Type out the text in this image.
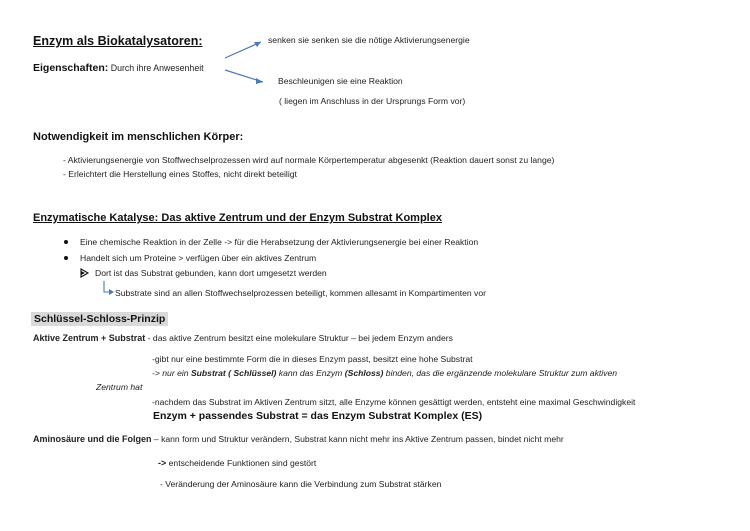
Enzym als Biokatalysatoren:
Eigenschaften: Durch ihre Anwesenheit
senken sie senken sie die nötige Aktivierungsenergie
Beschleunigen sie eine Reaktion
( liegen im Anschluss in der Ursprungs Form vor)
Notwendigkeit im menschlichen Körper:
- Aktivierungsenergie von Stoffwechselprozessen wird auf normale Körpertemperatur abgesenkt (Reaktion dauert sonst zu lange)
- Erleichtert die Herstellung eines Stoffes, nicht direkt beteiligt
Enzymatische Katalyse: Das aktive Zentrum und der Enzym Substrat Komplex
Eine chemische Reaktion in der Zelle -> für die Herabsetzung der Aktivierungsenergie bei einer Reaktion
Handelt sich um Proteine > verfügen über ein aktives Zentrum
Dort ist das Substrat gebunden, kann dort umgesetzt werden
Substrate sind an allen Stoffwechselprozessen beteiligt, kommen allesamt in Kompartimenten vor
Schlüssel-Schloss-Prinzip
Aktive Zentrum + Substrat - das aktive Zentrum besitzt eine molekulare Struktur – bei jedem Enzym anders
-gibt nur eine bestimmte Form die in dieses Enzym passt, besitzt eine hohe Substrat
-> nur ein Substrat ( Schlüssel) kann das Enzym (Schloss) binden, das die ergänzende molekulare Struktur zum aktiven
Zentrum hat
-nachdem das Substrat im Aktiven Zentrum sitzt, alle Enzyme können gesättigt werden, entsteht eine maximal Geschwindigkeit
Enzym + passendes Substrat = das Enzym Substrat Komplex (ES)
Aminosäure und die Folgen – kann form und Struktur verändern, Substrat kann nicht mehr ins Aktive Zentrum passen, bindet nicht mehr
-> entscheidende Funktionen sind gestört
- Veränderung der Aminosäure kann die Verbindung zum Substrat stärken
